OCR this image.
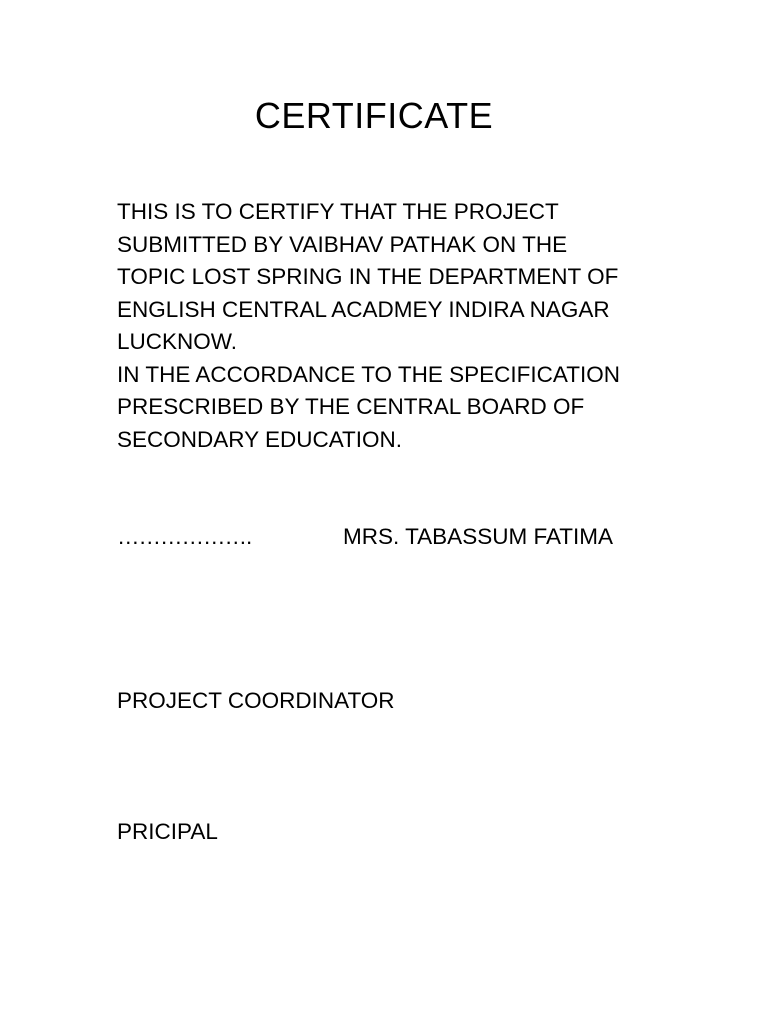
CERTIFICATE
THIS IS TO CERTIFY THAT THE PROJECT
SUBMITTED BY VAIBHAV PATHAK ON THE
TOPIC LOST SPRING IN THE DEPARTMENT OF
ENGLISH CENTRAL ACADMEY INDIRA NAGAR
LUCKNOW.
IN THE ACCORDANCE TO THE SPECIFICATION
PRESCRIBED BY THE CENTRAL BOARD OF
SECONDARY EDUCATION.
……………….	MRS. TABASSUM FATIMA
PROJECT COORDINATOR
PRICIPAL
